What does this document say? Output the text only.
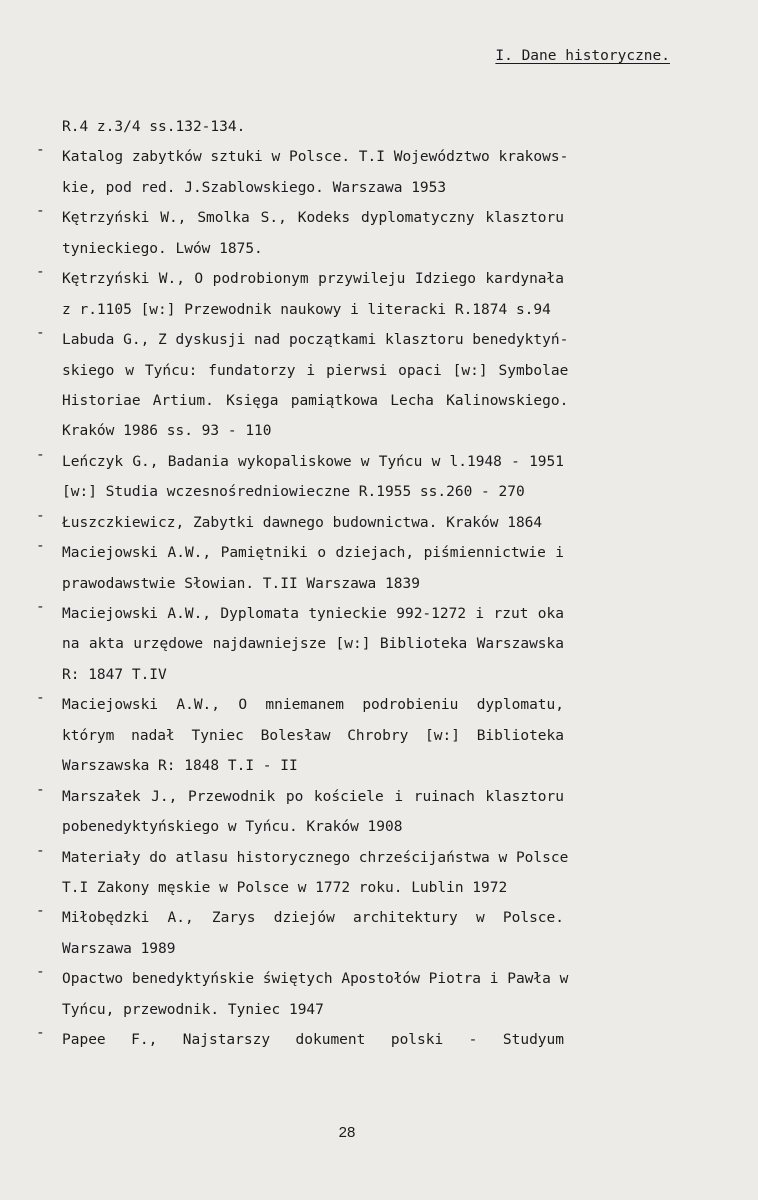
I. Dane historyczne.
R.4 z.3/4 ss.132-134.
-	Katalog zabytków sztuki w Polsce. T.I Województwo krakows-
kie, pod red. J.Szablowskiego. Warszawa 1953
-	Kętrzyński W., Smolka S., Kodeks dyplomatyczny klasztoru
tynieckiego. Lwów 1875.
-	Kętrzyński W., O podrobionym przywileju Idziego kardynała
z r.1105 [w:] Przewodnik naukowy i literacki R.1874 s.94
-	Labuda G., Z dyskusji nad początkami klasztoru benedyktyń-
skiego w Tyńcu: fundatorzy i pierwsi opaci [w:] Symbolae
Historiae Artium. Księga pamiątkowa Lecha Kalinowskiego.
Kraków 1986 ss. 93 - 110
-	Leńczyk G., Badania wykopaliskowe w Tyńcu w l.1948 - 1951
[w:] Studia wczesnośredniowieczne R.1955 ss.260 - 270
-	Łuszczkiewicz, Zabytki dawnego budownictwa. Kraków 1864
-	Maciejowski A.W., Pamiętniki o dziejach, piśmiennictwie i
prawodawstwie Słowian. T.II Warszawa 1839
-	Maciejowski A.W., Dyplomata tynieckie 992-1272 i rzut oka
na akta urzędowe najdawniejsze [w:] Biblioteka Warszawska
R: 1847 T.IV
-	Maciejowski A.W., O mniemanem podrobieniu dyplomatu,
którym nadał Tyniec Bolesław Chrobry [w:] Biblioteka
Warszawska R: 1848 T.I - II
-	Marszałek J., Przewodnik po kościele i ruinach klasztoru
pobenedyktyńskiego w Tyńcu. Kraków 1908
-	Materiały do atlasu historycznego chrześcijaństwa w Polsce
T.I Zakony męskie w Polsce w 1772 roku. Lublin 1972
-	Miłobędzki A., Zarys dziejów architektury w Polsce.
Warszawa 1989
-	Opactwo benedyktyńskie świętych Apostołów Piotra i Pawła w
Tyńcu, przewodnik. Tyniec 1947
-	Papee F., Najstarszy dokument polski - Studyum
28
